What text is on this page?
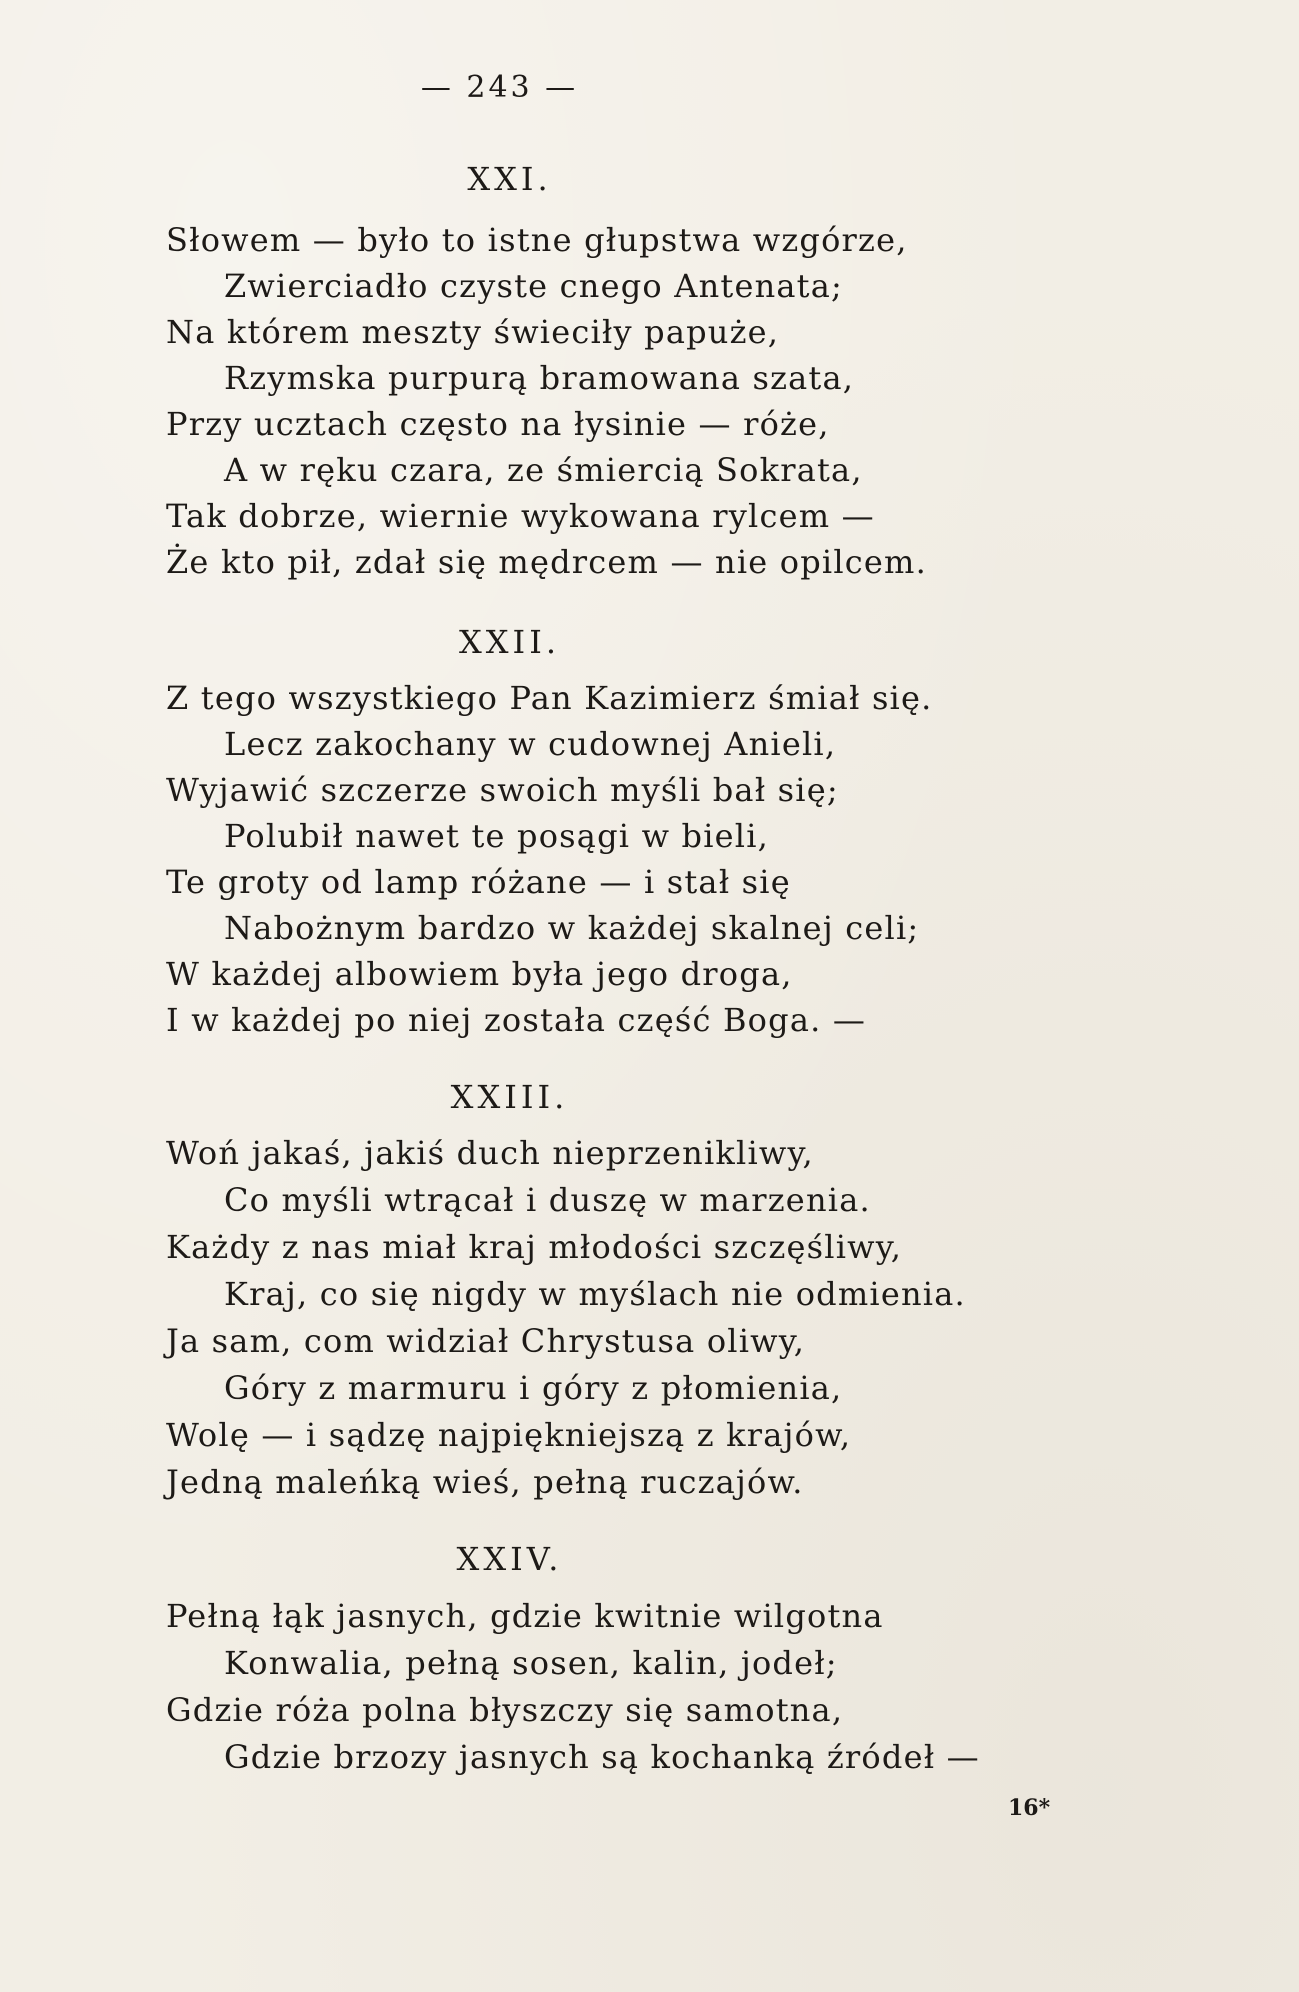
— 243 —
XXI.
Słowem — było to istne głupstwa wzgórze,
Zwierciadło czyste cnego Antenata;
Na którem meszty świeciły papuże,
Rzymska purpurą bramowana szata,
Przy ucztach często na łysinie — róże,
A w ręku czara, ze śmiercią Sokrata,
Tak dobrze, wiernie wykowana rylcem —
Że kto pił, zdał się mędrcem — nie opilcem.
XXII.
Z tego wszystkiego Pan Kazimierz śmiał się.
Lecz zakochany w cudownej Anieli,
Wyjawić szczerze swoich myśli bał się;
Polubił nawet te posągi w bieli,
Te groty od lamp różane — i stał się
Nabożnym bardzo w każdej skalnej celi;
W każdej albowiem była jego droga,
I w każdej po niej została część Boga. —
XXIII.
Woń jakaś, jakiś duch nieprzenikliwy,
Co myśli wtrącał i duszę w marzenia.
Każdy z nas miał kraj młodości szczęśliwy,
Kraj, co się nigdy w myślach nie odmienia.
Ja sam, com widział Chrystusa oliwy,
Góry z marmuru i góry z płomienia,
Wolę — i sądzę najpiękniejszą z krajów,
Jedną maleńką wieś, pełną ruczajów.
XXIV.
Pełną łąk jasnych, gdzie kwitnie wilgotna
Konwalia, pełną sosen, kalin, jodeł;
Gdzie róża polna błyszczy się samotna,
Gdzie brzozy jasnych są kochanką źródeł —
16*
